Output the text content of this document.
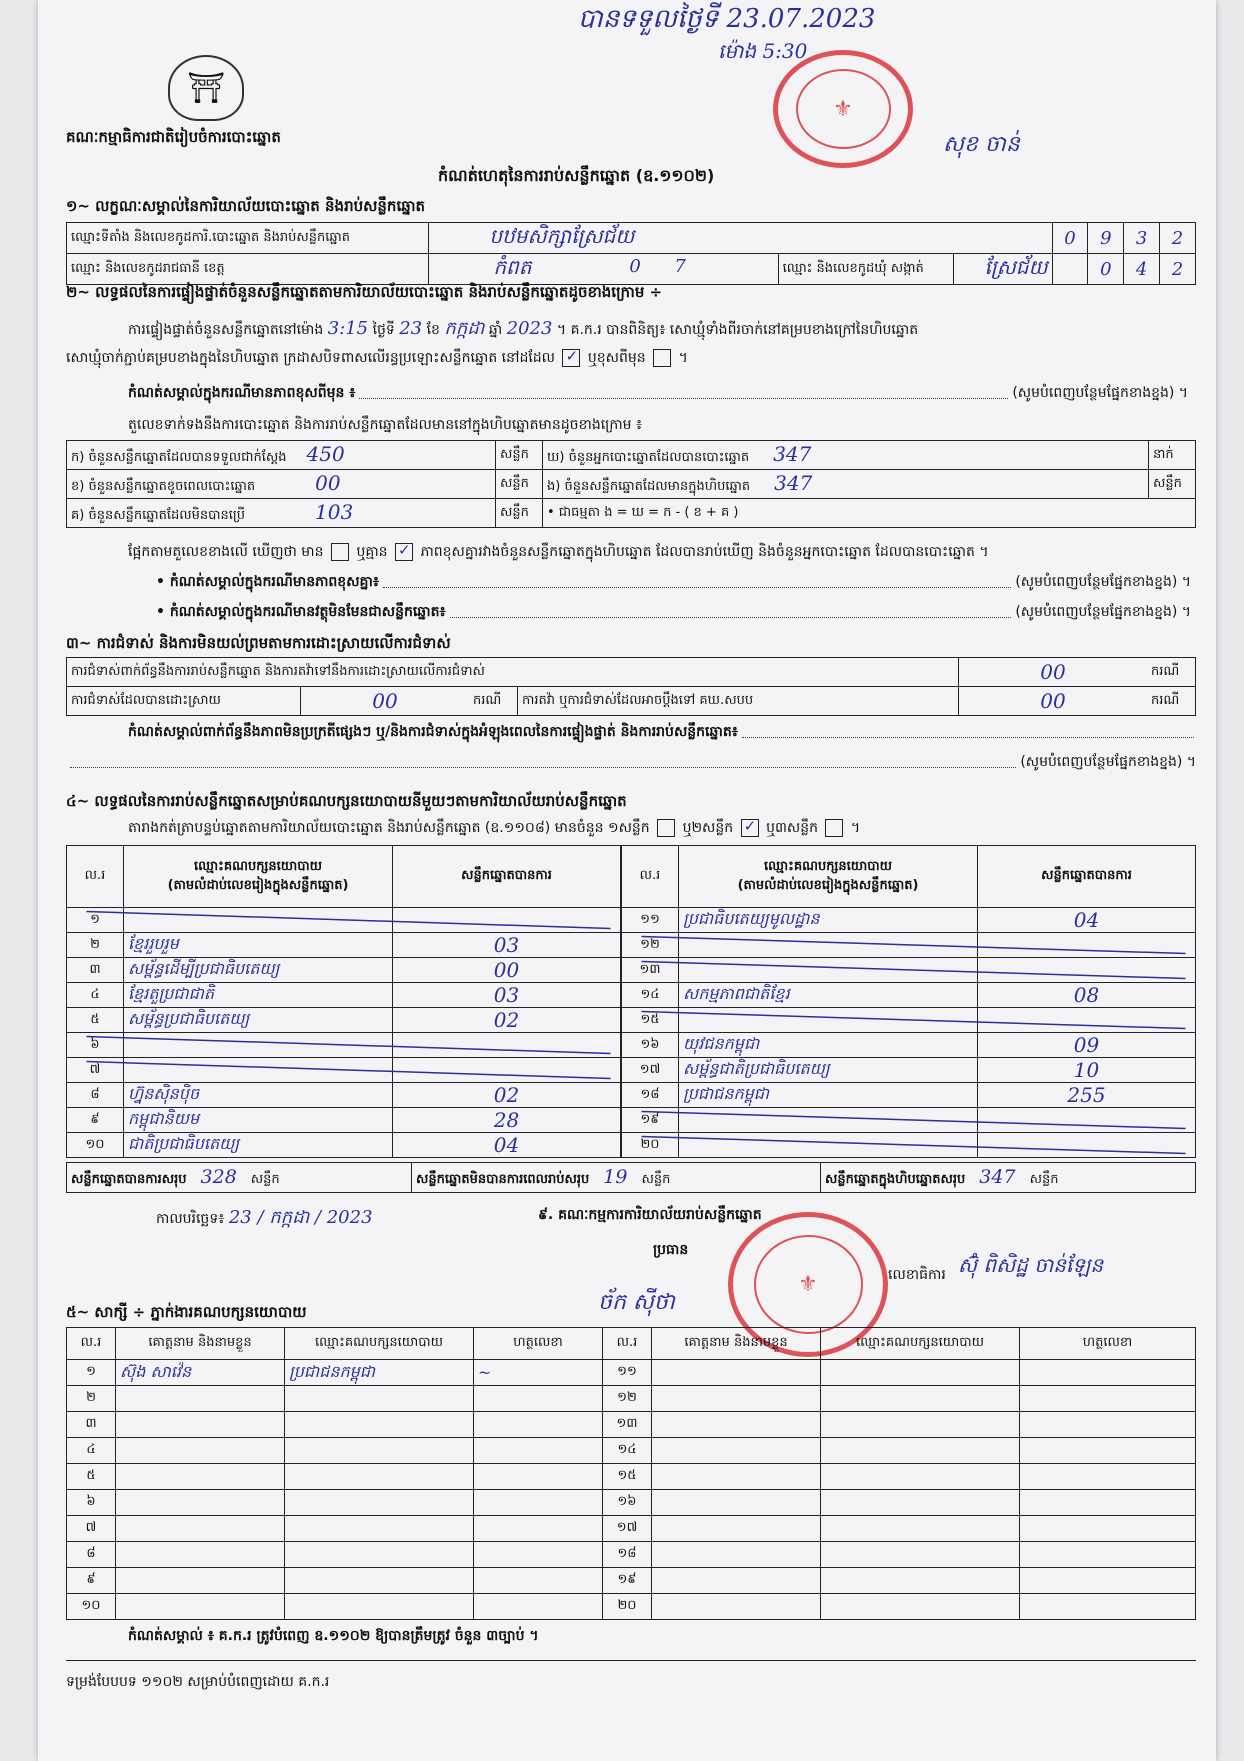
បានទទួលថ្ងៃទី 23.07.2023
ម៉ោង 5:30
សុខ ចាន់
⚜
⛩
គណៈកម្មាធិការជាតិរៀបចំការបោះឆ្នោត
កំណត់ហេតុនៃការរាប់សន្លឹកឆ្នោត (ឧ.១១០២)
១~ លក្ខណៈសម្គាល់នៃការិយាល័យបោះឆ្នោត និងរាប់សន្លឹកឆ្នោត
ឈ្មោះទីតាំង និងលេខកូដការិ.បោះឆ្នោត និងរាប់សន្លឹកឆ្នោត	បឋមសិក្សាស្រែជ័យ				0	9	3	2
ឈ្មោះ និងលេខកូដរាជធានី ខេត្ត	កំពត 0 7		ឈ្មោះ និងលេខកូដឃុំ សង្កាត់	ស្រែជ័យ		0	4	2
២~ លទ្ធផលនៃការផ្ទៀងផ្ទាត់ចំនួនសន្លឹកឆ្នោតតាមការិយាល័យបោះឆ្នោត និងរាប់សន្លឹកឆ្នោតដូចខាងក្រោម ÷
ការផ្ទៀងផ្ទាត់ចំនួនសន្លឹកឆ្នោតនៅម៉ោង 3:15 ថ្ងៃទី 23 ខែ កក្កដា ឆ្នាំ 2023 ។ គ.ក.រ បានពិនិត្យ៖ សោឃ្មុំទាំងពីរចាក់នៅគម្របខាងក្រៅនៃហិបឆ្នោត
សោឃ្មុំចាក់ភ្ជាប់គម្របខាងក្នុងនៃហិបឆ្នោត ក្រដាសបិទពាសលើរន្ធប្រឡោះសន្លឹកឆ្នោត នៅដដែល ✓ ឬខុសពីមុន  ។
កំណត់សម្គាល់ក្នុងករណីមានភាពខុសពីមុន ៖	(សូមបំពេញបន្ថែមផ្នែកខាងខ្នង) ។
តួលេខទាក់ទងនឹងការបោះឆ្នោត និងការរាប់សន្លឹកឆ្នោតដែលមាននៅក្នុងហិបឆ្នោតមានដូចខាងក្រោម ៖
ក) ចំនួនសន្លឹកឆ្នោតដែលបានទទួលជាក់ស្តែង 450	សន្លឹក	ឃ) ចំនួនអ្នកបោះឆ្នោតដែលបានបោះឆ្នោត 347	នាក់
ខ) ចំនួនសន្លឹកឆ្នោតខូចពេលបោះឆ្នោត 00	សន្លឹក	ង) ចំនួនសន្លឹកឆ្នោតដែលមានក្នុងហិបឆ្នោត 347	សន្លឹក
គ) ចំនួនសន្លឹកឆ្នោតដែលមិនបានប្រើ 103	សន្លឹក	• ជាធម្មតា ង = ឃ = ក - ( ខ + គ )	
ផ្អែកតាមតួលេខខាងលើ ឃើញថា មាន ឬគ្មាន ✓ ភាពខុសគ្នារវាងចំនួនសន្លឹកឆ្នោតក្នុងហិបឆ្នោត ដែលបានរាប់ឃើញ និងចំនួនអ្នកបោះឆ្នោត ដែលបានបោះឆ្នោត ។
• កំណត់សម្គាល់ក្នុងករណីមានភាពខុសគ្នា៖	(សូមបំពេញបន្ថែមផ្នែកខាងខ្នង) ។
• កំណត់សម្គាល់ក្នុងករណីមានវត្ថុមិនមែនជាសន្លឹកឆ្នោត៖	(សូមបំពេញបន្ថែមផ្នែកខាងខ្នង) ។
៣~ ការជំទាស់ និងការមិនយល់ព្រមតាមការដោះស្រាយលើការជំទាស់
ការជំទាស់ពាក់ព័ន្ធនឹងការរាប់សន្លឹកឆ្នោត និងការតវ៉ាទៅនឹងការដោះស្រាយលើការជំទាស់				00	ករណី
ការជំទាស់ដែលបានដោះស្រាយ	00	ករណី	ការតវ៉ា ឬការជំទាស់ដែលអាចប្តឹងទៅ គឃ.សបប	00	ករណី
កំណត់សម្គាល់ពាក់ព័ន្ធនឹងភាពមិនប្រក្រតីផ្សេងៗ ឬ/និងការជំទាស់ក្នុងអំឡុងពេលនៃការផ្ទៀងផ្ទាត់ និងការរាប់សន្លឹកឆ្នោត៖
(សូមបំពេញបន្ថែមផ្នែកខាងខ្នង) ។
៤~ លទ្ធផលនៃការរាប់សន្លឹកឆ្នោតសម្រាប់គណបក្សនយោបាយនីមួយៗតាមការិយាល័យរាប់សន្លឹកឆ្នោត
តារាងកត់ត្រាបន្ទប់ឆ្នោតតាមការិយាល័យបោះឆ្នោត និងរាប់សន្លឹកឆ្នោត (ឧ.១១០៨) មានចំនួន ១សន្លឹក ឬ២សន្លឹក ✓ ឬ៣សន្លឹក  ។
ល.រ	ឈ្មោះគណបក្សនយោបាយ
(តាមលំដាប់លេខរៀងក្នុងសន្លឹកឆ្នោត)	សន្លឹកឆ្នោតបានការ
១		
២	ខ្មែរ​រួបរួម	03
៣	សម្ព័ន្ធដើម្បីប្រជាធិបតេយ្យ	00
៤	ខ្មែរតួប្រជាជាតិ	03
៥	សម្ព័ន្ធប្រជាធិបតេយ្យ	02
៦		
៧		
៨	ហ្វ៊ុនស៊ិនប៉ិច	02
៩	កម្ពុជានិយម	28
១០	ជាតិប្រជាធិបតេយ្យ	04
ល.រ	ឈ្មោះគណបក្សនយោបាយ
(តាមលំដាប់លេខរៀងក្នុងសន្លឹកឆ្នោត)	សន្លឹកឆ្នោតបានការ
១១	ប្រជាធិបតេយ្យមូលដ្ឋាន	04
១២		
១៣		
១៤	សកម្មភាពជាតិខ្មែរ	08
១៥		
១៦	យុវជនកម្ពុជា	09
១៧	សម្ព័ន្ធជាតិប្រជាធិបតេយ្យ	10
១៨	ប្រជាជនកម្ពុជា	255
១៩		
២០		
សន្លឹកឆ្នោតបានការសរុប 328 សន្លឹក	សន្លឹកឆ្នោតមិនបានការពេលរាប់សរុប 19 សន្លឹក	សន្លឹកឆ្នោតក្នុងហិបឆ្នោតសរុប 347 សន្លឹក
កាលបរិច្ឆេទ៖ 23 / កក្កដា / 2023	៩. គណៈកម្មការការិយាល័យរាប់សន្លឹកឆ្នោត
⚜
ប្រធាន
ច័ក ស៊ីថា
លេខាធិការ ស៊ុំ ពិសិដ្ឋ ចាន់ឡែន
៥~ សាក្សី ÷ ភ្នាក់ងារគណបក្សនយោបាយ
ល.រ	គោត្តនាម និងនាមខ្លួន	ឈ្មោះគណបក្សនយោបាយ	ហត្ថលេខា	ល.រ	គោត្តនាម និងនាមខ្លួន	ឈ្មោះគណបក្សនយោបាយ	ហត្ថលេខា
១	ស៊ុង សាវ៉េន	ប្រជាជនកម្ពុជា	~	១១			
២				១២			
៣				១៣			
៤				១៤			
៥				១៥			
៦				១៦			
៧				១៧			
៨				១៨			
៩				១៩			
១០				២០			
កំណត់សម្គាល់ ៖ គ.ក.រ ត្រូវបំពេញ ឧ.១១០២ ឱ្យបានត្រឹមត្រូវ ចំនួន ៣ច្បាប់ ។
ទម្រង់បែបបទ ១១០២ សម្រាប់បំពេញដោយ គ.ក.រ
